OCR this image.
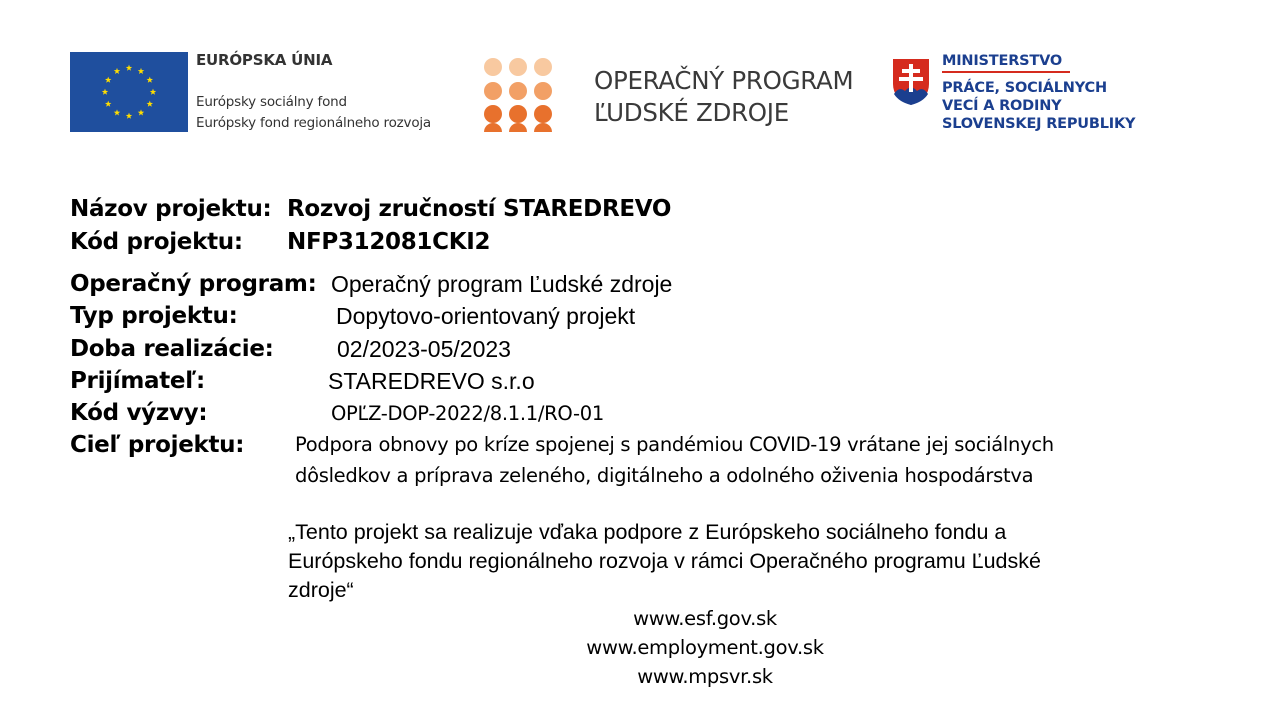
EURÓPSKA ÚNIA
Európsky sociálny fond
Európsky fond regionálneho rozvoja
OPERAČNÝ PROGRAM
ĽUDSKÉ ZDROJE
MINISTERSTVO
PRÁCE, SOCIÁLNYCH
VECÍ A RODINY
SLOVENSKEJ REPUBLIKY
Názov projektu: Rozvoj zručností STAREDREVO
Kód projektu: NFP312081CKI2
Operačný program: Operačný program Ľudské zdroje
Typ projektu:	Dopytovo-orientovaný projekt
Doba realizácie:	02/2023-05/2023
Prijímateľ:	STAREDREVO s.r.o
Kód výzvy:	OPĽZ-DOP-2022/8.1.1/RO-01
Cieľ projektu:	Podpora obnovy po kríze spojenej s pandémiou COVID-19 vrátane jej sociálnych
dôsledkov a príprava zeleného, digitálneho a odolného oživenia hospodárstva
„Tento projekt sa realizuje vďaka podpore z Európskeho sociálneho fondu a
Európskeho fondu regionálneho rozvoja v rámci Operačného programu Ľudské
zdroje“
www.esf.gov.sk
www.employment.gov.sk
www.mpsvr.sk
